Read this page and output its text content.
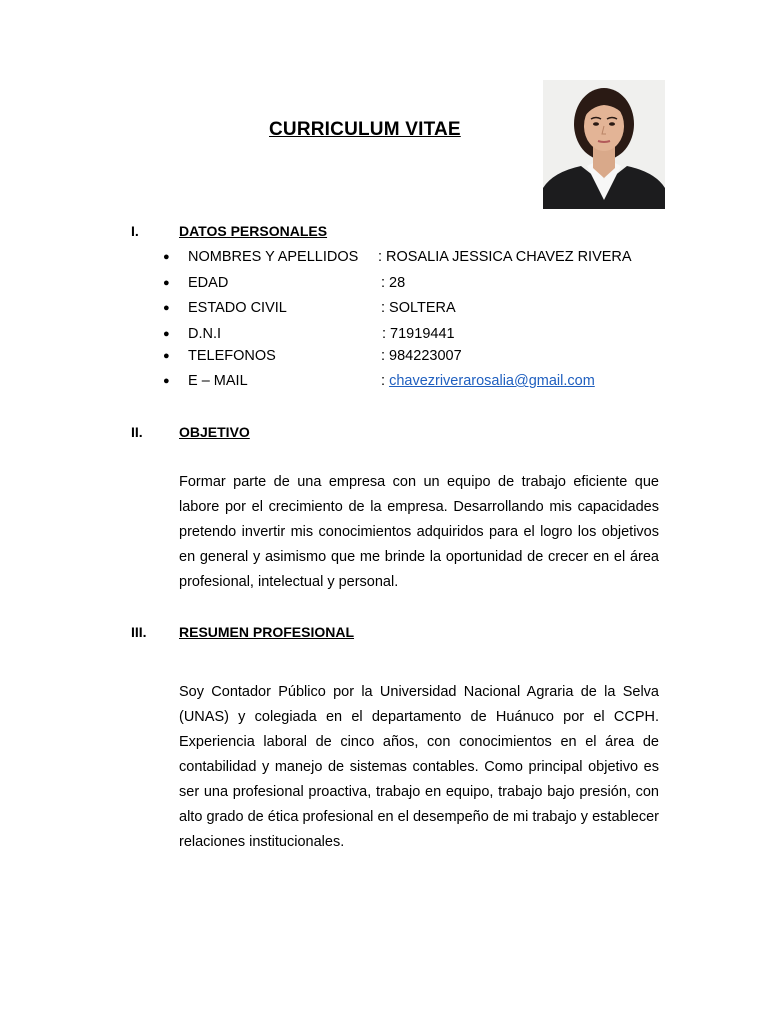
CURRICULUM VITAE
I.	DATOS PERSONALES
● NOMBRES Y APELLIDOS : ROSALIA JESSICA CHAVEZ RIVERA
● EDAD	: 28
● ESTADO CIVIL	: SOLTERA
● D.N.I	: 71919441
● TELEFONOS	: 984223007
● E – MAIL	: chavezriverarosalia@gmail.com
II.	OBJETIVO

Formar parte de una empresa con un equipo de trabajo eficiente que labore por el crecimiento de la empresa. Desarrollando mis capacidades pretendo invertir mis conocimientos adquiridos para el logro los objetivos en general y asimismo que me brinde la oportunidad de crecer en el área profesional, intelectual y personal.

III. RESUMEN PROFESIONAL

Soy Contador Público por la Universidad Nacional Agraria de la Selva (UNAS) y colegiada en el departamento de Huánuco por el CCPH. Experiencia laboral de cinco años, con conocimientos en el área de contabilidad y manejo de sistemas contables. Como principal objetivo es ser una profesional proactiva, trabajo en equipo, trabajo bajo presión, con alto grado de ética profesional en el desempeño de mi trabajo y establecer relaciones institucionales.
